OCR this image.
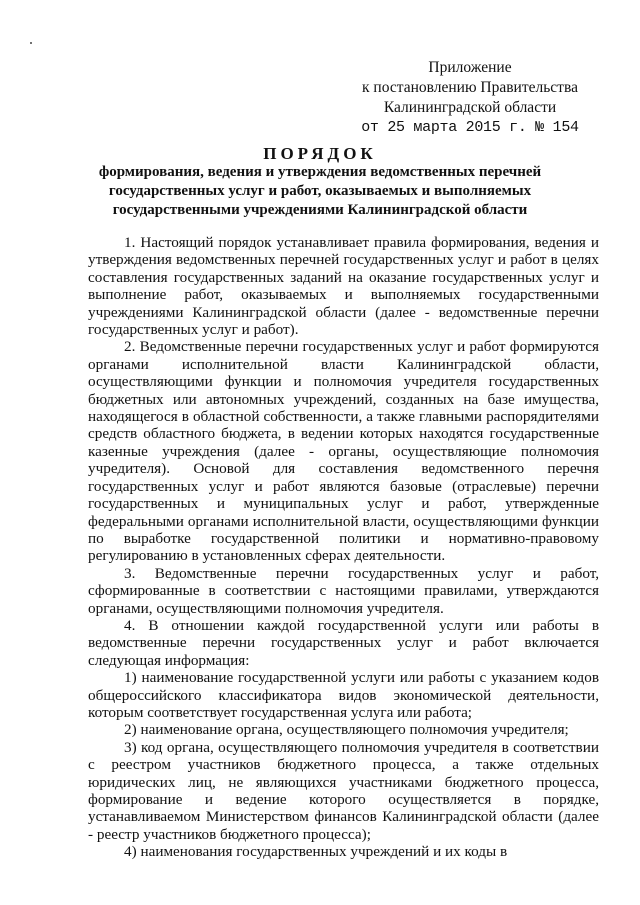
Приложение
к постановлению Правительства
Калининградской области
от 25 марта 2015 г. № 154
ПОРЯДОК
формирования, ведения и утверждения ведомственных перечней государственных услуг и работ, оказываемых и выполняемых государственными учреждениями Калининградской области

1. Настоящий порядок устанавливает правила формирования, ведения и утверждения ведомственных перечней государственных услуг и работ в целях составления государственных заданий на оказание государственных услуг и выполнение работ, оказываемых и выполняемых государственными учреждениями Калининградской области (далее - ведомственные перечни государственных услуг и работ).

2. Ведомственные перечни государственных услуг и работ формируются органами исполнительной власти Калининградской области, осуществляющими функции и полномочия учредителя государственных бюджетных или автономных учреждений, созданных на базе имущества, находящегося в областной собственности, а также главными распорядителями средств областного бюджета, в ведении которых находятся государственные казенные учреждения (далее - органы, осуществляющие полномочия учредителя). Основой для составления ведомственного перечня государственных услуг и работ являются базовые (отраслевые) перечни государственных и муниципальных услуг и работ, утвержденные федеральными органами исполнительной власти, осуществляющими функции по выработке государственной политики и нормативно-правовому регулированию в установленных сферах деятельности.

3. Ведомственные перечни государственных услуг и работ, сформированные в соответствии с настоящими правилами, утверждаются органами, осуществляющими полномочия учредителя.

4. В отношении каждой государственной услуги или работы в ведомственные перечни государственных услуг и работ включается следующая информация:

1) наименование государственной услуги или работы с указанием кодов общероссийского классификатора видов экономической деятельности, которым соответствует государственная услуга или работа;

2) наименование органа, осуществляющего полномочия учредителя;

3) код органа, осуществляющего полномочия учредителя в соответствии с реестром участников бюджетного процесса, а также отдельных юридических лиц, не являющихся участниками бюджетного процесса, формирование и ведение которого осуществляется в порядке, устанавливаемом Министерством финансов Калининградской области (далее - реестр участников бюджетного процесса);

4) наименования государственных учреждений и их коды в
